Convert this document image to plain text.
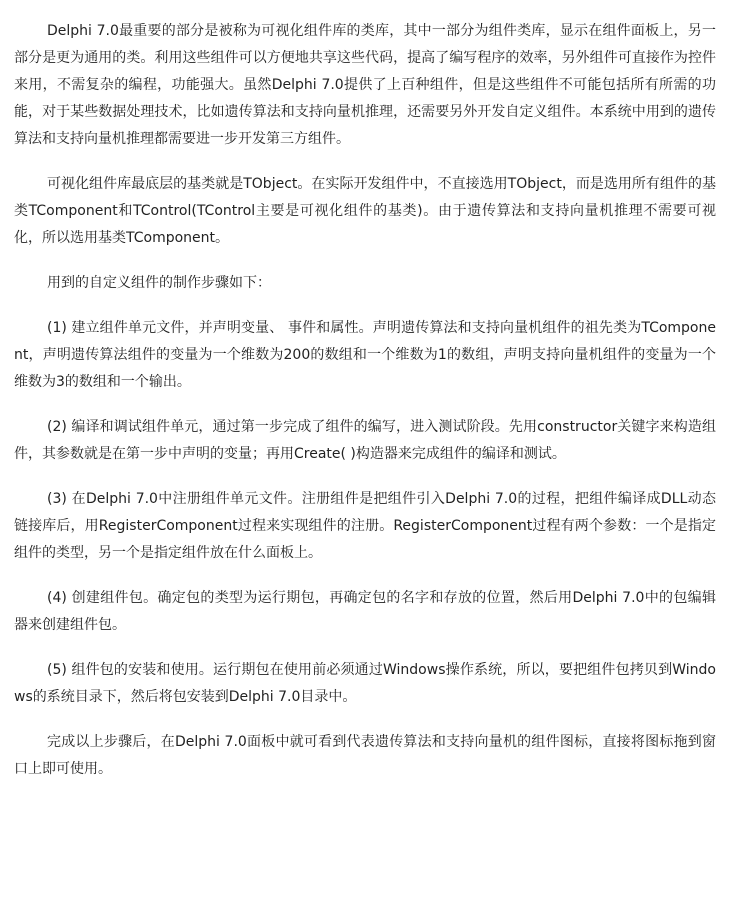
Delphi 7.0最重要的部分是被称为可视化组件库的类库，其中一部分为组件类库，显示在组件面板上，另一部分是更为通用的类。利用这些组件可以方便地共享这些代码，提高了编写程序的效率，另外组件可直接作为控件来用，不需复杂的编程，功能强大。虽然Delphi 7.0提供了上百种组件，但是这些组件不可能包括所有所需的功能，对于某些数据处理技术，比如遗传算法和支持向量机推理，还需要另外开发自定义组件。本系统中用到的遗传算法和支持向量机推理都需要进一步开发第三方组件。

可视化组件库最底层的基类就是TObject。在实际开发组件中，不直接选用TObject，而是选用所有组件的基类TComponent和TControl(TControl主要是可视化组件的基类)。由于遗传算法和支持向量机推理不需要可视化，所以选用基类TComponent。

用到的自定义组件的制作步骤如下：

(1) 建立组件单元文件，并声明变量、 事件和属性。声明遗传算法和支持向量机组件的祖先类为TComponent，声明遗传算法组件的变量为一个维数为200的数组和一个维数为1的数组，声明支持向量机组件的变量为一个维数为3的数组和一个输出。

(2) 编译和调试组件单元，通过第一步完成了组件的编写，进入测试阶段。先用constructor关键字来构造组件，其参数就是在第一步中声明的变量；再用Create( )构造器来完成组件的编译和测试。

(3) 在Delphi 7.0中注册组件单元文件。注册组件是把组件引入Delphi 7.0的过程，把组件编译成DLL动态链接库后，用RegisterComponent过程来实现组件的注册。RegisterComponent过程有两个参数：一个是指定组件的类型，另一个是指定组件放在什么面板上。

(4) 创建组件包。确定包的类型为运行期包，再确定包的名字和存放的位置，然后用Delphi 7.0中的包编辑器来创建组件包。

(5) 组件包的安装和使用。运行期包在使用前必须通过Windows操作系统，所以，要把组件包拷贝到Windows的系统目录下，然后将包安装到Delphi 7.0目录中。

完成以上步骤后，在Delphi 7.0面板中就可看到代表遗传算法和支持向量机的组件图标，直接将图标拖到窗口上即可使用。
